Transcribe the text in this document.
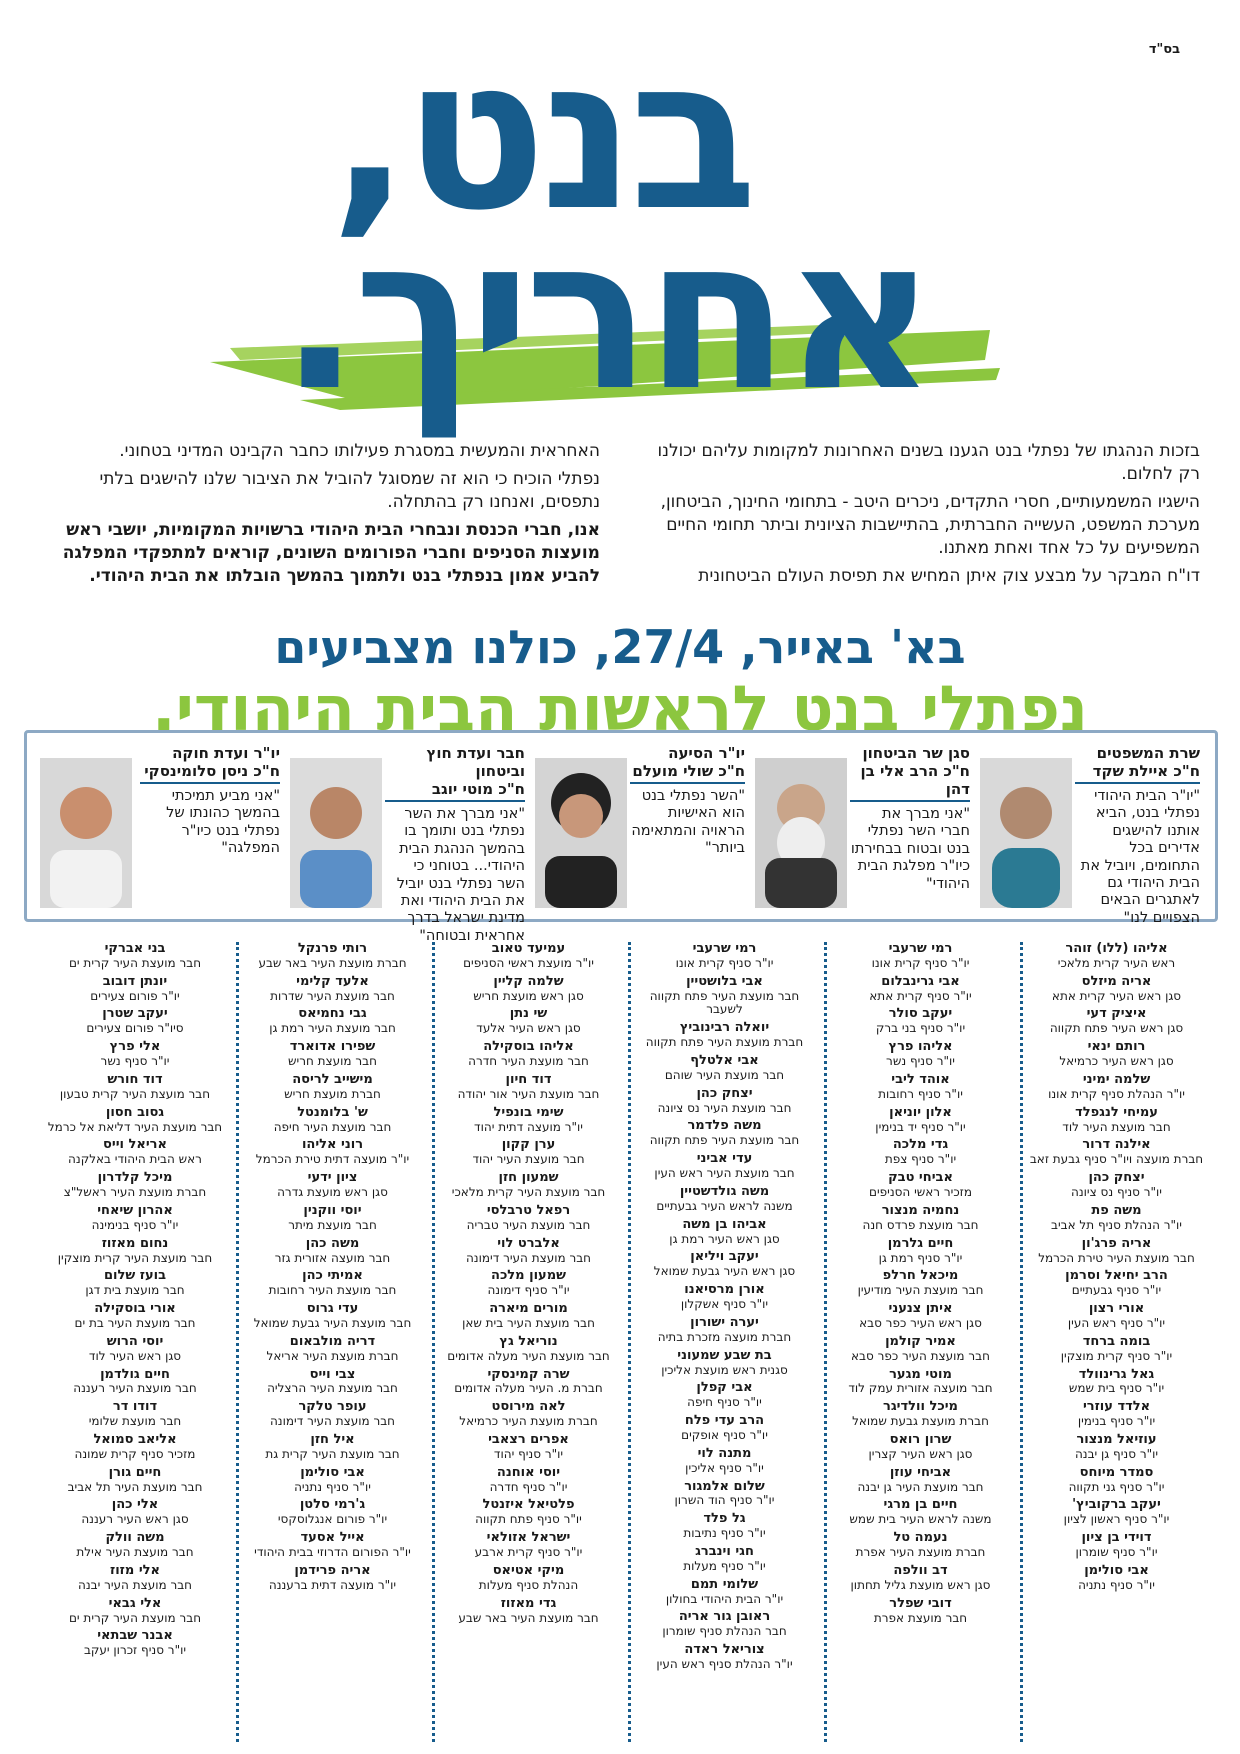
בס"ד
בנט,
אחריך.

בזכות הנהגתו של נפתלי בנט הגענו בשנים האחרונות למקומות עליהם יכולנו רק לחלום.

הישגיו המשמעותיים, חסרי התקדים, ניכרים היטב - בתחומי החינוך, הביטחון, מערכת המשפט, העשייה החברתית, בהתיישבות הציונית וביתר תחומי החיים המשפיעים על כל אחד ואחת מאתנו.

דו"ח המבקר על מבצע צוק איתן המחיש את תפיסת העולם הביטחונית

האחראית והמעשית במסגרת פעילותו כחבר הקבינט המדיני בטחוני.

נפתלי הוכיח כי הוא זה שמסוגל להוביל את הציבור שלנו להישגים בלתי נתפסים, ואנחנו רק בהתחלה.

אנו, חברי הכנסת ונבחרי הבית היהודי ברשויות המקומיות, יושבי ראש מועצות הסניפים וחברי הפורומים השונים, קוראים למתפקדי המפלגה להביע אמון בנפתלי בנט ולתמוך בהמשך הובלתו את הבית היהודי.

בא' באייר, 27/4, כולנו מצביעים
נפתלי בנט לראשות הבית היהודי.
שרת המשפטים
ח"כ איילת שקד
"יו"ר הבית היהודי נפתלי בנט, הביא אותנו להישגים אדירים בכל התחומים, ויוביל את הבית היהודי גם לאתגרים הבאים הצפויים לנו"
סגן שר הביטחון
ח"כ הרב אלי בן דהן
"אני מברך את חברי השר נפתלי בנט ובטוח בבחירתו כיו"ר מפלגת הבית היהודי"
יו"ר הסיעה
ח"כ שולי מועלם
"השר נפתלי בנט הוא האישיות הראויה והמתאימה ביותר"
חבר ועדת חוץ וביטחון
ח"כ מוטי יוגב
"אני מברך את השר נפתלי בנט ותומך בו בהמשך הנהגת הבית היהודי... בטוחני כי השר נפתלי בנט יוביל את הבית היהודי ואת מדינת ישראל בדרך אחראית ובטוחה"
יו"ר ועדת חוקה
ח"כ ניסן סלומינסקי
"אני מביע תמיכתי בהמשך כהונתו של נפתלי בנט כיו"ר המפלגה"
אליהו (ללו) זוהר
ראש העיר קרית מלאכי
אריה מיזלס
סגן ראש העיר קרית אתא
איציק דעי
סגן ראש העיר פתח תקווה
רותם ינאי
סגן ראש העיר כרמיאל
שלמה ימיני
יו"ר הנהלת סניף קרית אונו
עמיחי לנגפלד
חבר מועצת העיר לוד
אילנה דרור
חברת מועצה ויו"ר סניף גבעת זאב
יצחק כהן
יו"ר סניף נס ציונה
משה פת
יו"ר הנהלת סניף תל אביב
אריה פרג'ון
חבר מועצת העיר טירת הכרמל
הרב יחיאל וסרמן
יו"ר סניף גבעתיים
אורי רצון
יו"ר סניף ראש העין
בומה ברחד
יו"ר סניף קרית מוצקין
גאל גרינוולד
יו"ר סניף בית שמש
אלדד עוזרי
יו"ר סניף בנימין
עוזיאל מנצור
יו"ר סניף גן יבנה
סמדר מיוחס
יו"ר סניף גני תקווה
יעקב ברקוביץ'
יו"ר סניף ראשון לציון
דוידי בן ציון
יו"ר סניף שומרון
אבי סולימן
יו"ר סניף נתניה
רמי שרעבי
יו"ר סניף קרית אונו
אבי גרינבלום
יו"ר סניף קרית אתא
יעקב סולר
יו"ר סניף בני ברק
אליהו פרץ
יו"ר סניף נשר
אוהד ליבי
יו"ר סניף רחובות
אלון יוניאן
יו"ר סניף יד בנימין
גדי מלכה
יו"ר סניף צפת
אביחי טבק
מזכיר ראשי הסניפים
נחמיה מנצור
חבר מועצת פרדס חנה
חיים גלרמן
יו"ר סניף רמת גן
מיכאל חרלפ
חבר מועצת העיר מודיעין
איתן צנעני
סגן ראש העיר כפר סבא
אמיר קולמן
חבר מועצת העיר כפר סבא
מוטי מגער
חבר מועצה אזורית עמק לוד
מיכל וולדיגר
חברת מועצת גבעת שמואל
שרון רואס
סגן ראש העיר קצרין
אביחי עוזן
חבר מועצת העיר גן יבנה
חיים בן מרגי
משנה לראש העיר בית שמש
נעמה טל
חברת מועצת העיר אפרת
דב וולפה
סגן ראש מועצת גליל תחתון
דובי שפלר
חבר מועצת אפרת
רמי שרעבי
יו"ר סניף קרית אונו
אבי בלושטיין
חבר מועצת העיר פתח תקווה לשעבר
יואלה רבינוביץ
חברת מועצת העיר פתח תקווה
אבי אלטלף
חבר מועצת העיר שוהם
יצחק כהן
חבר מועצת העיר נס ציונה
משה פלדמר
חבר מועצת העיר פתח תקווה
עדי אביני
חבר מועצת העיר ראש העין
משה גולדשטיין
משנה לראש העיר גבעתיים
אביהו בן משה
סגן ראש העיר רמת גן
יעקב ויליאן
סגן ראש העיר גבעת שמואל
אורן מרסיאנו
יו"ר סניף אשקלון
יערה ישורון
חברת מועצה מזכרת בתיה
בת שבע שמעוני
סגנית ראש מועצת אליכין
אבי קפלן
יו"ר סניף חיפה
הרב עדי פלח
יו"ר סניף אופקים
מתנה לוי
יו"ר סניף אליכין
שלום אלמגור
יו"ר סניף הוד השרון
גל פלד
יו"ר סניף נתיבות
חגי וינברג
יו"ר סניף מעלות
שלומי תמם
יו"ר הבית היהודי בחולון
ראובן גור אריה
חבר הנהלת סניף שומרון
צוריאל ראדה
יו"ר הנהלת סניף ראש העין
עמיעד טאוב
יו"ר מועצת ראשי הסניפים
שלמה קליין
סגן ראש מועצת חריש
שי נתן
סגן ראש העיר אלעד
אליהו בוסקילה
חבר מועצת העיר חדרה
דוד חיון
חבר מועצת העיר אור יהודה
שימי בונפיל
יו"ר מועצה דתית יהוד
ערן קקון
חבר מועצת העיר יהוד
שמעון חזן
חבר מועצת העיר קרית מלאכי
רפאל טרבלסי
חבר מועצת העיר טבריה
אלברט לוי
חבר מועצת העיר דימונה
שמעון מלכה
יו"ר סניף דימונה
מורים מיארה
חבר מועצת העיר בית שאן
נוריאל גץ
חבר מועצת העיר מעלה אדומים
שרה קמינסקי
חברת מ. העיר מעלה אדומים
לאה מירוסט
חברת מועצת העיר כרמיאל
אפרים רצאבי
יו"ר סניף יהוד
יוסי אוחנה
יו"ר סניף חדרה
פלטיאל איזנטל
יו"ר סניף פתח תקווה
ישראל אזולאי
יו"ר סניף קרית ארבע
מיקי אטיאס
הנהלת סניף מעלות
גדי מאזוז
חבר מועצת העיר באר שבע
רותי פרנקל
חברת מועצת העיר באר שבע
אלעד קלימי
חבר מועצת העיר שדרות
גבי נחמיאס
חבר מועצת העיר רמת גן
שפירו אדוארד
חבר מועצת חריש
מישייב לריסה
חברת מועצת חריש
ש' בלומנטל
חבר מועצת העיר חיפה
רוני אליהו
יו"ר מועצה דתית טירת הכרמל
ציון ידעי
סגן ראש מועצת גדרה
יוסי ווקנין
חבר מועצת מיתר
משה כהן
חבר מועצה אזורית גזר
אמיתי כהן
חבר מועצת העיר רחובות
עדי גרוס
חבר מועצת העיר גבעת שמואל
דריה מולבאום
חברת מועצת העיר אריאל
צבי וייס
חבר מועצת העיר הרצליה
עופר טלקר
חבר מועצת העיר דימונה
איל חזן
חבר מועצת העיר קרית גת
אבי סולימן
יו"ר סניף נתניה
ג'רמי סלטן
יו"ר פורום אנגלוסקסי
אייל אסעד
יו"ר הפורום הדרוזי בבית היהודי
אריה פרידמן
יו"ר מועצה דתית ברעננה
בני אברקי
חבר מועצת העיר קרית ים
יונתן דובוב
יו"ר פורום צעירים
יעקב שטרן
סיו"ר פורום צעירים
אלי פרץ
יו"ר סניף נשר
דוד חורש
חבר מועצת העיר קרית טבעון
גסוב חסון
חבר מועצת העיר דליאת אל כרמל
אריאל וייס
ראש הבית היהודי באלקנה
מיכל קלדרון
חברת מועצת העיר ראשל"צ
אהרון שיאחי
יו"ר סניף בנימינה
נחום מאזוז
חבר מועצת העיר קרית מוצקין
בועז שלום
חבר מועצת בית דגן
אורי בוסקילה
חבר מועצת העיר בת ים
יוסי הרוש
סגן ראש העיר לוד
חיים גולדמן
חבר מועצת העיר רעננה
דודו דר
חבר מועצת שלומי
אליאב סמואל
מזכיר סניף קרית שמונה
חיים גורן
חבר מועצת העיר תל אביב
אלי כהן
סגן ראש העיר רעננה
משה וולק
חבר מועצת העיר אילת
אלי מזוז
חבר מועצת העיר יבנה
אלי גבאי
חבר מועצת העיר קרית ים
אבנר שבתאי
יו"ר סניף זכרון יעקב
